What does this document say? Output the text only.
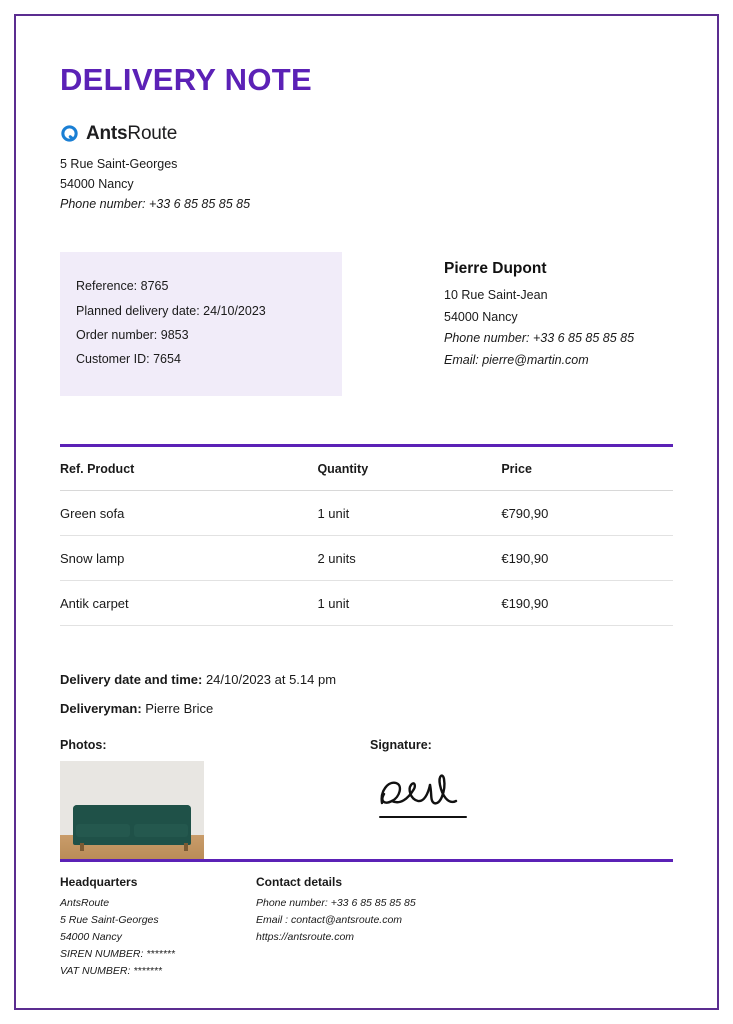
DELIVERY NOTE
AntsRoute
5 Rue Saint-Georges
54000 Nancy
Phone number: +33 6 85 85 85 85
Reference: 8765
Planned delivery date: 24/10/2023
Order number: 9853
Customer ID: 7654
Pierre Dupont
10 Rue Saint-Jean
54000 Nancy
Phone number: +33 6 85 85 85 85
Email: pierre@martin.com
Ref. Product	Quantity	Price
Green sofa	1 unit	€790,90
Snow lamp	2 units	€190,90
Antik carpet	1 unit	€190,90

Delivery date and time: 24/10/2023 at 5.14 pm

Deliveryman: Pierre Brice

Photos:	Signature:
Headquarters
AntsRoute
5 Rue Saint-Georges
54000 Nancy
SIREN NUMBER: *******
VAT NUMBER: *******
Contact details
Phone number: +33 6 85 85 85 85
Email : contact@antsroute.com
https://antsroute.com
